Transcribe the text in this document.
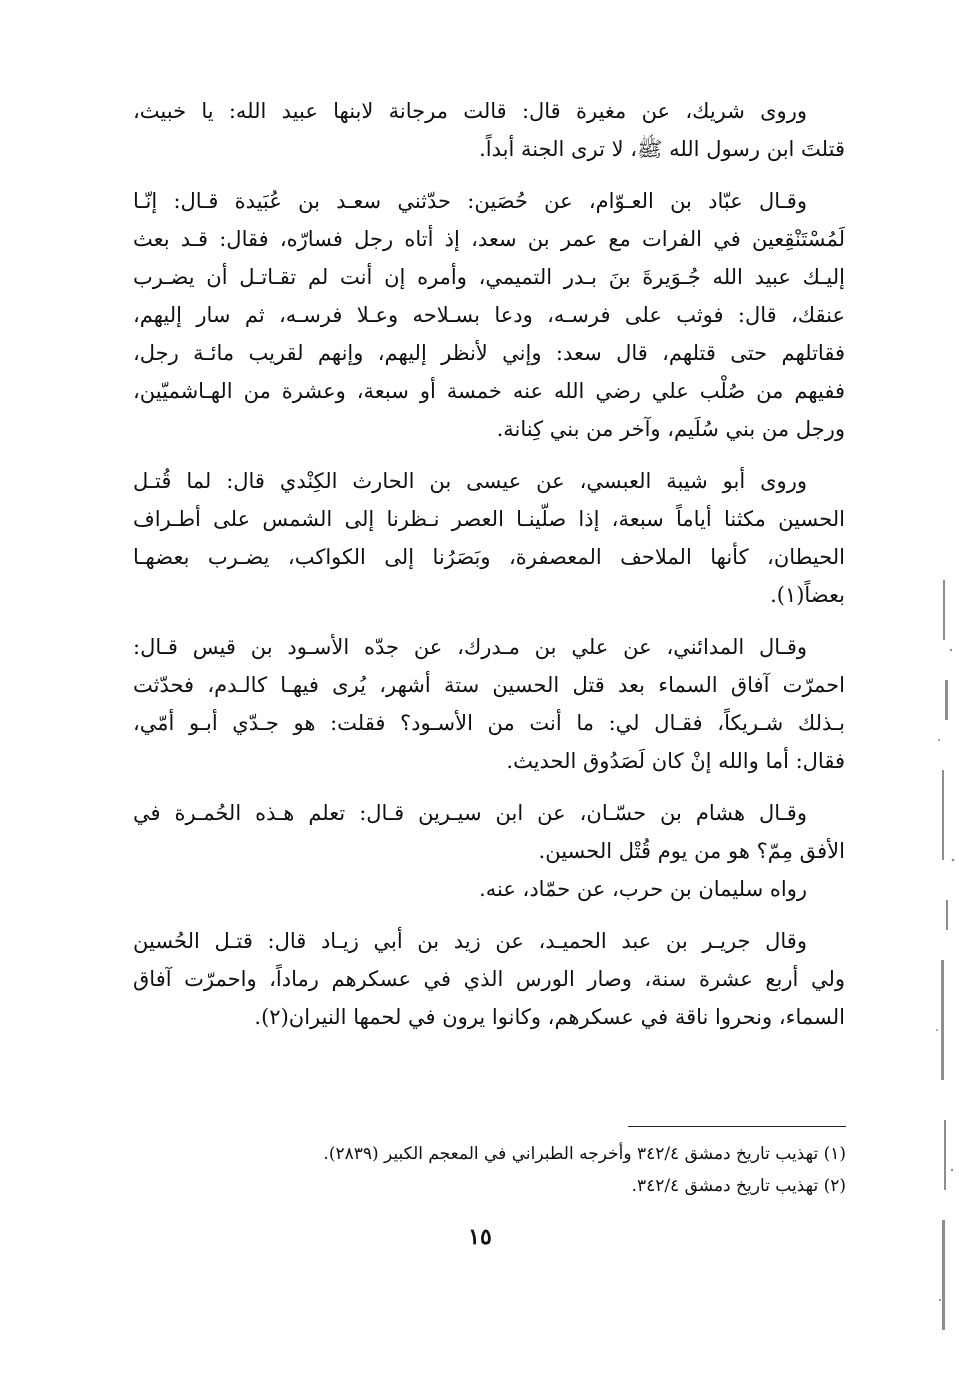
وروى شريك، عن مغيرة قال: قالت مرجانة لابنها عبيد الله: يا خبيث،
قتلتَ ابن رسول الله ﷺ، لا ترى الجنة أبداً.
وقـال عبّاد بن العـوّام، عن حُصَين: حدّثني سعـد بن عُبَيدة قـال: إنّـا
لَمُسْتَنْقِعين في الفرات مع عمر بن سعد، إذ أتاه رجل فسارّه، فقال: قـد بعث
إليـك عبيد الله جُـوَيرةَ بنَ بـدر التميمي، وأمره إن أنت لم تقـاتـل أن يضـرب
عنقك، قال: فوثب على فرسـه، ودعا بسـلاحه وعـلا فرسـه، ثم سار إليهم،
فقاتلهم حتى قتلهم، قال سعد: وإني لأنظر إليهم، وإنهم لقريب مائـة رجل،
ففيهم من صُلْب علي رضي الله عنه خمسة أو سبعة، وعشرة من الهـاشميّين،
ورجل من بني سُلَيم، وآخر من بني كِنانة.
وروى أبو شيبة العبسي، عن عيسى بن الحارث الكِنْدي قال: لما قُتـل
الحسين مكثنا أياماً سبعة، إذا صلّينـا العصر نـظرنا إلى الشمس على أطـراف
الحيطان، كأنها الملاحف المعصفرة، وبَصَرُنا إلى الكواكب، يضـرب بعضهـا
بعضاً(١).
وقـال المدائني، عن علي بن مـدرك، عن جدّه الأسـود بن قيس قـال:
احمرّت آفاق السماء بعد قتل الحسين ستة أشهر، يُرى فيهـا كالـدم، فحدّثت
بـذلك شـريكاً، فقـال لي: ما أنت من الأسـود؟ فقلت: هو جـدّي أبـو أمّي،
فقال: أما والله إنْ كان لَصَدُوق الحديث.
وقـال هشام بن حسّـان، عن ابن سيـرين قـال: تعلم هـذه الحُمـرة في
الأفق مِمّ؟ هو من يوم قُتْل الحسين.
رواه سليمان بن حرب، عن حمّاد، عنه.
وقال جريـر بن عبد الحميـد، عن زيد بن أبي زيـاد قال: قتـل الحُسين
ولي أربع عشرة سنة، وصار الورس الذي في عسكرهم رماداً، واحمرّت آفاق
السماء، ونحروا ناقة في عسكرهم، وكانوا يرون في لحمها النيران(٢).
(١) تهذيب تاريخ دمشق ٣٤٢/٤ وأخرجه الطبراني في المعجم الكبير (٢٨٣٩).
(٢) تهذيب تاريخ دمشق ٣٤٢/٤.
١٥
